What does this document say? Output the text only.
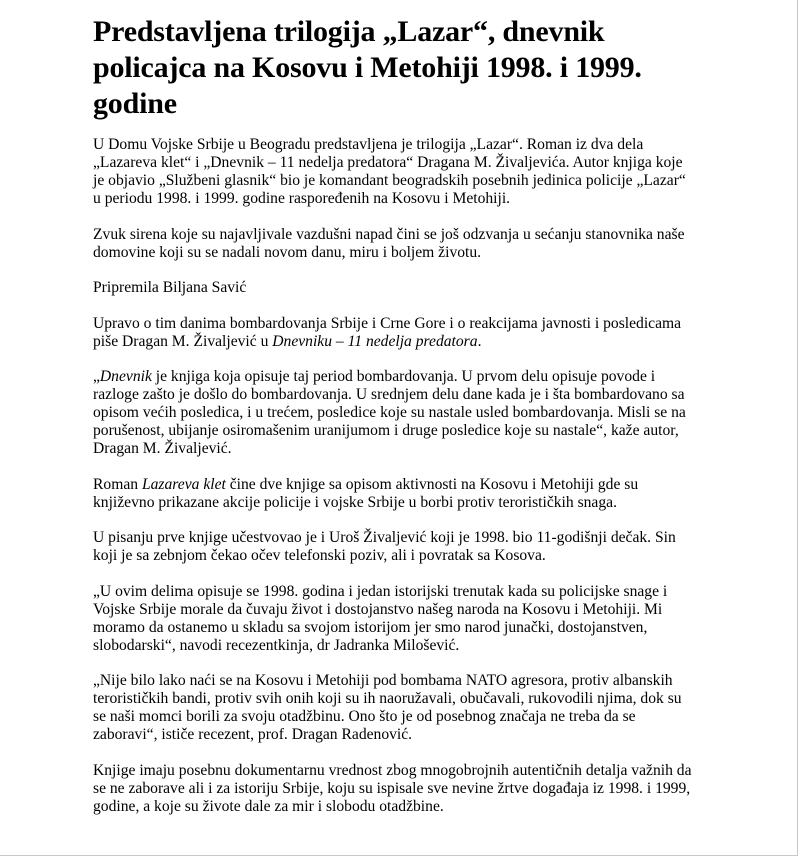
Predstavljena trilogija „Lazar“, dnevnik policajca na Kosovu i Metohiji 1998. i 1999. godine

U Domu Vojske Srbije u Beogradu predstavljena je trilogija „Lazar“. Roman iz dva dela „Lazareva klet“ i „Dnevnik – 11 nedelja predatora“ Dragana M. Živaljevića. Autor knjiga koje je objavio „Službeni glasnik“ bio je komandant beogradskih posebnih jedinica policije „Lazar“ u periodu 1998. i 1999. godine raspoređenih na Kosovu i Metohiji.

Zvuk sirena koje su najavljivale vazdušni napad čini se još odzvanja u sećanju stanovnika naše domovine koji su se nadali novom danu, miru i boljem životu.

Pripremila Biljana Savić

Upravo o tim danima bombardovanja Srbije i Crne Gore i o reakcijama javnosti i posledicama piše Dragan M. Živaljević u Dnevniku – 11 nedelja predatora.

„Dnevnik je knjiga koja opisuje taj period bombardovanja. U prvom delu opisuje povode i razloge zašto je došlo do bombardovanja. U srednjem delu dane kada je i šta bombardovano sa opisom većih posledica, i u trećem, posledice koje su nastale usled bombardovanja. Misli se na porušenost, ubijanje osiromašenim uranijumom i druge posledice koje su nastale“, kaže autor, Dragan M. Živaljević.

Roman Lazareva klet čine dve knjige sa opisom aktivnosti na Kosovu i Metohiji gde su književno prikazane akcije policije i vojske Srbije u borbi protiv terorističkih snaga.

U pisanju prve knjige učestvovao je i Uroš Živaljević koji je 1998. bio 11-godišnji dečak. Sin koji je sa zebnjom čekao očev telefonski poziv, ali i povratak sa Kosova.

„U ovim delima opisuje se 1998. godina i jedan istorijski trenutak kada su policijske snage i Vojske Srbije morale da čuvaju život i dostojanstvo našeg naroda na Kosovu i Metohiji. Mi moramo da ostanemo u skladu sa svojom istorijom jer smo narod junački, dostojanstven, slobodarski“, navodi recezentkinja, dr Jadranka Milošević.

„Nije bilo lako naći se na Kosovu i Metohiji pod bombama NATO agresora, protiv albanskih terorističkih bandi, protiv svih onih koji su ih naoružavali, obučavali, rukovodili njima, dok su se naši momci borili za svoju otadžbinu. Ono što je od posebnog značaja ne treba da se zaboravi“, ističe recezent, prof. Dragan Radenović.

Knjige imaju posebnu dokumentarnu vrednost zbog mnogobrojnih autentičnih detalja važnih da se ne zaborave ali i za istoriju Srbije, koju su ispisale sve nevine žrtve događaja iz 1998. i 1999, godine, a koje su živote dale za mir i slobodu otadžbine.
